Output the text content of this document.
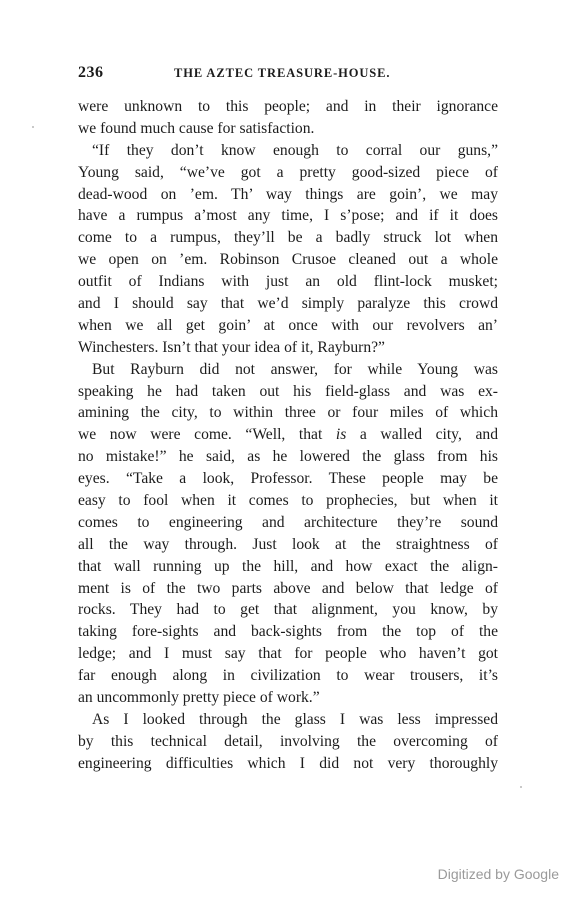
236	THE AZTEC TREASURE-HOUSE.
were unknown to this people; and in their ignorance
we found much cause for satisfaction.
“If they don’t know enough to corral our guns,”
Young said, “we’ve got a pretty good-sized piece of
dead-wood on ’em. Th’ way things are goin’, we may
have a rumpus a’most any time, I s’pose; and if it does
come to a rumpus, they’ll be a badly struck lot when
we open on ’em. Robinson Crusoe cleaned out a whole
outfit of Indians with just an old flint-lock musket;
and I should say that we’d simply paralyze this crowd
when we all get goin’ at once with our revolvers an’
Winchesters. Isn’t that your idea of it, Rayburn?”
But Rayburn did not answer, for while Young was
speaking he had taken out his field-glass and was ex-
amining the city, to within three or four miles of which
we now were come. “Well, that is a walled city, and
no mistake!” he said, as he lowered the glass from his
eyes. “Take a look, Professor. These people may be
easy to fool when it comes to prophecies, but when it
comes to engineering and architecture they’re sound
all the way through. Just look at the straightness of
that wall running up the hill, and how exact the align-
ment is of the two parts above and below that ledge of
rocks. They had to get that alignment, you know, by
taking fore-sights and back-sights from the top of the
ledge; and I must say that for people who haven’t got
far enough along in civilization to wear trousers, it’s
an uncommonly pretty piece of work.”
As I looked through the glass I was less impressed
by this technical detail, involving the overcoming of
engineering difficulties which I did not very thoroughly
Digitized by Google
